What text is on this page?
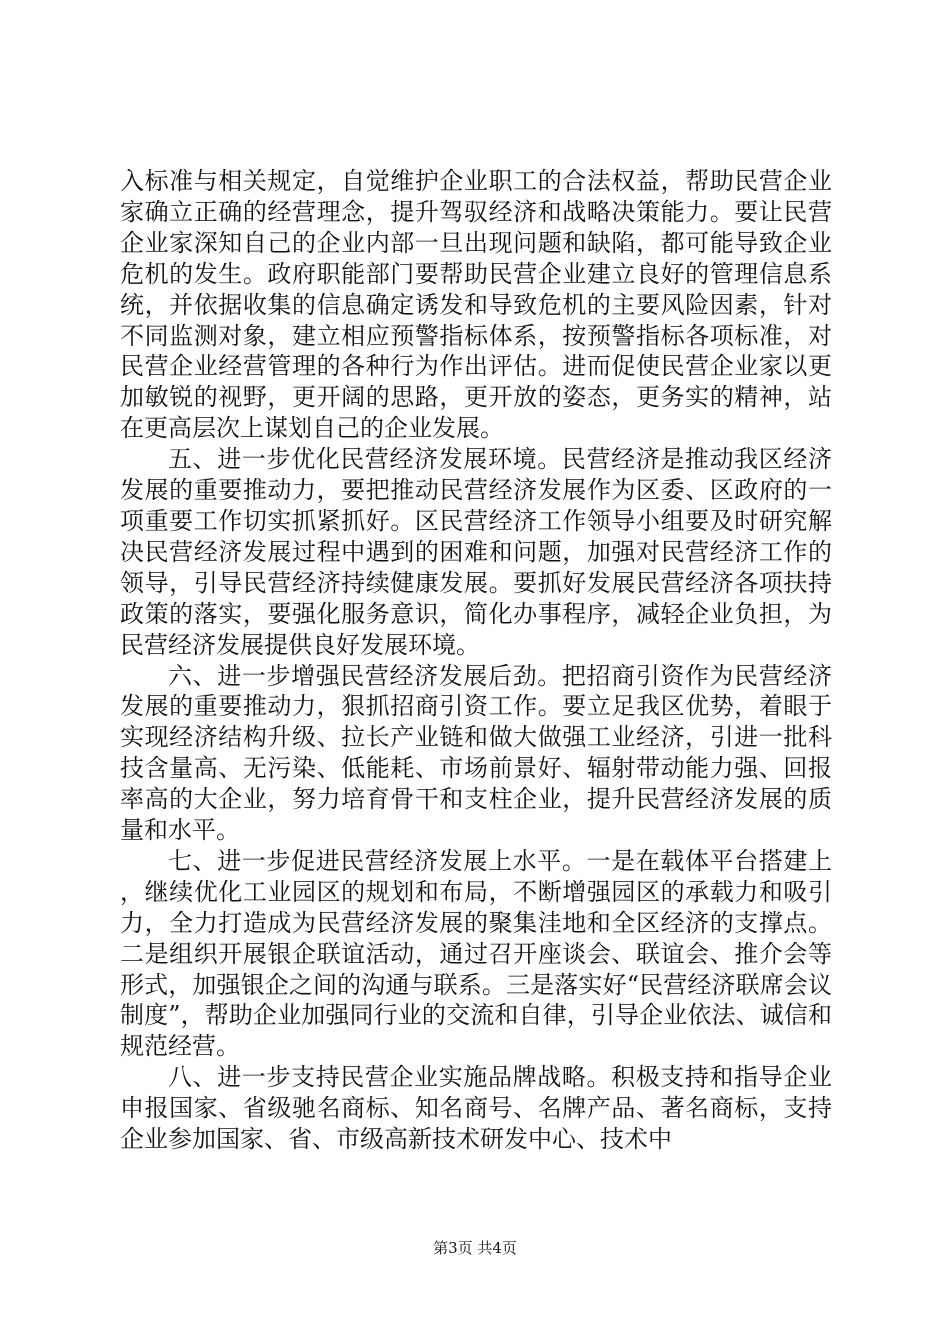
入标准与相关规定，自觉维护企业职工的合法权益，帮助民营企业家确立正确的经营理念，提升驾驭经济和战略决策能力。要让民营企业家深知自己的企业内部一旦出现问题和缺陷，都可能导致企业危机的发生。政府职能部门要帮助民营企业建立良好的管理信息系统，并依据收集的信息确定诱发和导致危机的主要风险因素，针对不同监测对象，建立相应预警指标体系，按预警指标各项标准，对民营企业经营管理的各种行为作出评估。进而促使民营企业家以更加敏锐的视野，更开阔的思路，更开放的姿态，更务实的精神，站在更高层次上谋划自己的企业发展。

五、进一步优化民营经济发展环境。民营经济是推动我区经济发展的重要推动力，要把推动民营经济发展作为区委、区政府的一项重要工作切实抓紧抓好。区民营经济工作领导小组要及时研究解决民营经济发展过程中遇到的困难和问题，加强对民营经济工作的领导，引导民营经济持续健康发展。要抓好发展民营经济各项扶持政策的落实，要强化服务意识，简化办事程序，减轻企业负担，为民营经济发展提供良好发展环境。

六、进一步增强民营经济发展后劲。把招商引资作为民营经济发展的重要推动力，狠抓招商引资工作。要立足我区优势，着眼于实现经济结构升级、拉长产业链和做大做强工业经济，引进一批科技含量高、无污染、低能耗、市场前景好、辐射带动能力强、回报率高的大企业，努力培育骨干和支柱企业，提升民营经济发展的质量和水平。

七、进一步促进民营经济发展上水平。一是在载体平台搭建上，继续优化工业园区的规划和布局，不断增强园区的承载力和吸引力，全力打造成为民营经济发展的聚集洼地和全区经济的支撑点。二是组织开展银企联谊活动，通过召开座谈会、联谊会、推介会等形式，加强银企之间的沟通与联系。三是落实好“民营经济联席会议制度”，帮助企业加强同行业的交流和自律，引导企业依法、诚信和规范经营。

八、进一步支持民营企业实施品牌战略。积极支持和指导企业申报国家、省级驰名商标、知名商号、名牌产品、著名商标，支持企业参加国家、省、市级高新技术研发中心、技术中

第3页 共4页
